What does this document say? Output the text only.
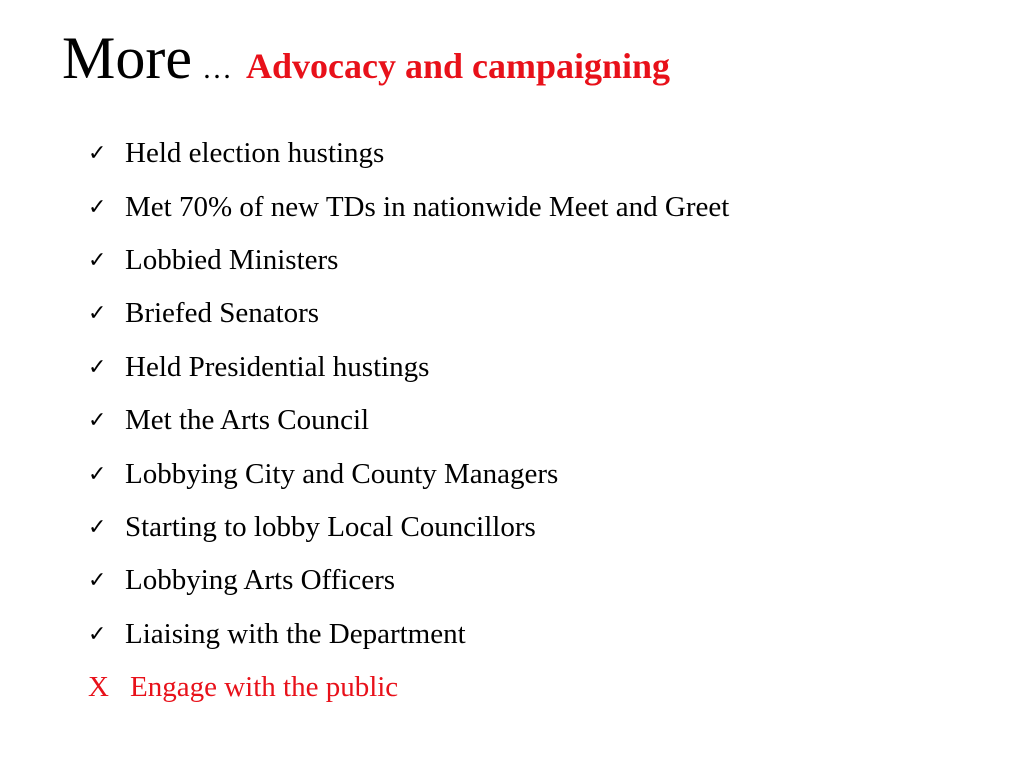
More … Advocacy and campaigning
✓ Held election hustings
✓ Met 70% of new TDs in nationwide Meet and Greet
✓ Lobbied Ministers
✓ Briefed Senators
✓ Held Presidential hustings
✓ Met the Arts Council
✓ Lobbying City and County Managers
✓ Starting to lobby Local Councillors
✓ Lobbying Arts Officers
✓ Liaising with the Department
X Engage with the public
